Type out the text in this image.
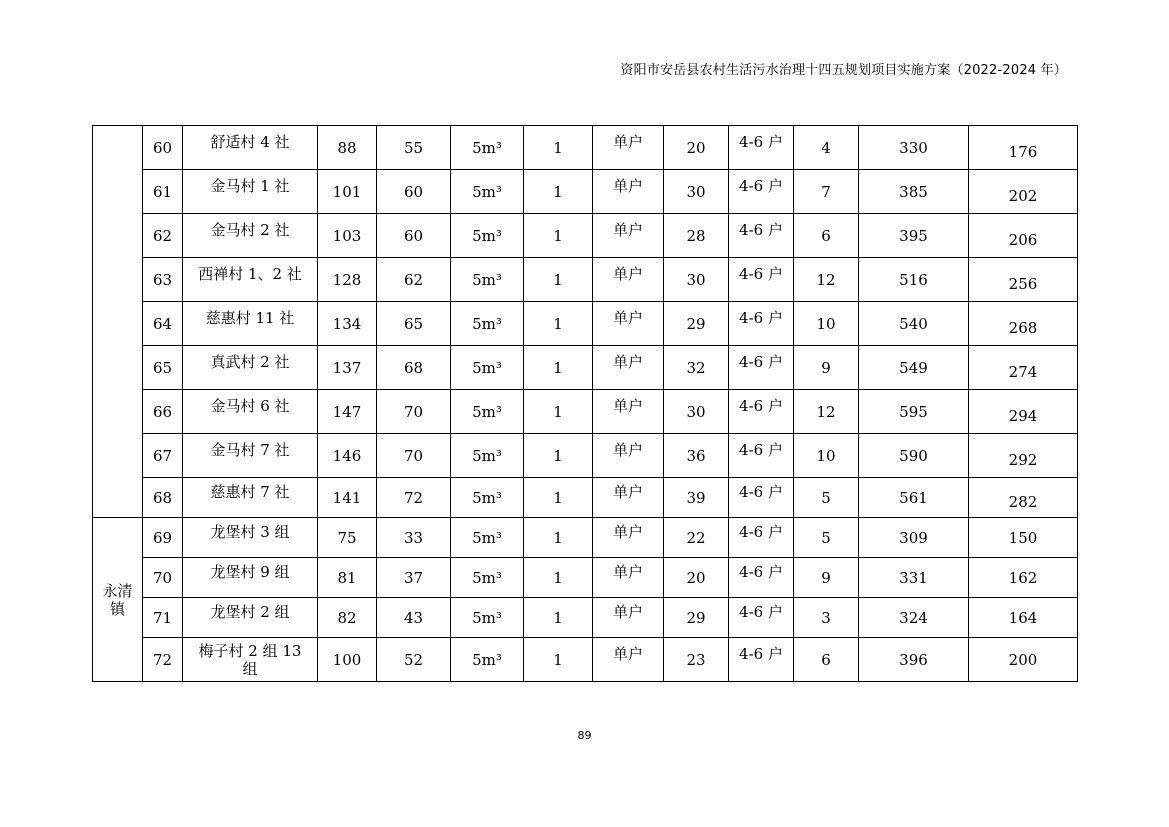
资阳市安岳县农村生活污水治理十四五规划项目实施方案（2022-2024 年）
	60	舒适村 4 社	88	55	5m³	1	单户	20	4-6 户	4	330	176
	61	金马村 1 社	101	60	5m³	1	单户	30	4-6 户	7	385	202
	62	金马村 2 社	103	60	5m³	1	单户	28	4-6 户	6	395	206
	63	西禅村 1、2 社	128	62	5m³	1	单户	30	4-6 户	12	516	256
	64	慈惠村 11 社	134	65	5m³	1	单户	29	4-6 户	10	540	268
	65	真武村 2 社	137	68	5m³	1	单户	32	4-6 户	9	549	274
	66	金马村 6 社	147	70	5m³	1	单户	30	4-6 户	12	595	294
	67	金马村 7 社	146	70	5m³	1	单户	36	4-6 户	10	590	292
	68	慈惠村 7 社	141	72	5m³	1	单户	39	4-6 户	5	561	282
永清镇	69	龙堡村 3 组	75	33	5m³	1	单户	22	4-6 户	5	309	150
	70	龙堡村 9 组	81	37	5m³	1	单户	20	4-6 户	9	331	162
	71	龙堡村 2 组	82	43	5m³	1	单户	29	4-6 户	3	324	164
	72	梅子村 2 组 13 组	100	52	5m³	1	单户	23	4-6 户	6	396	200
89
